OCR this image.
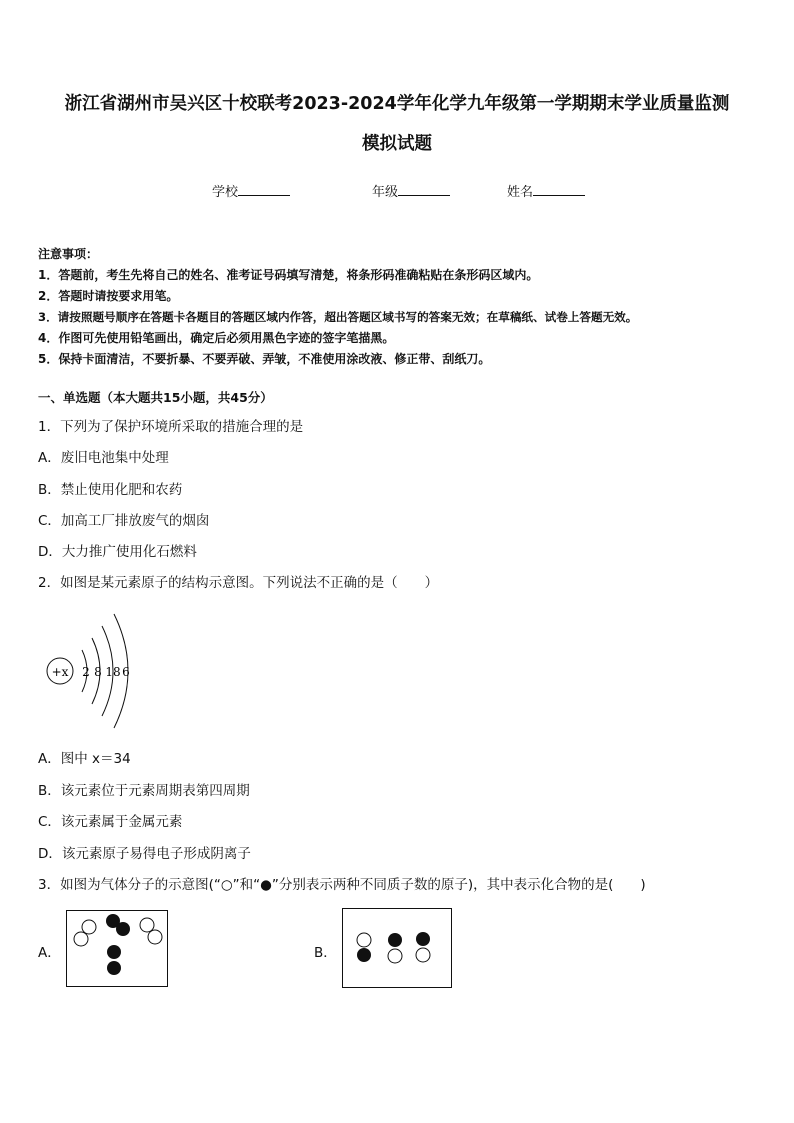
浙江省湖州市吴兴区十校联考2023-2024学年化学九年级第一学期期末学业质量监测
模拟试题
学校	年级	姓名
注意事项：
1．答题前，考生先将自己的姓名、准考证号码填写清楚，将条形码准确粘贴在条形码区域内。
2．答题时请按要求用笔。
3．请按照题号顺序在答题卡各题目的答题区域内作答，超出答题区域书写的答案无效；在草稿纸、试卷上答题无效。
4．作图可先使用铅笔画出，确定后必须用黑色字迹的签字笔描黑。
5．保持卡面清洁，不要折暴、不要弄破、弄皱，不准使用涂改液、修正带、刮纸刀。
一、单选题（本大题共15小题，共45分）
1．下列为了保护环境所采取的措施合理的是
A．废旧电池集中处理
B．禁止使用化肥和农药
C．加高工厂排放废气的烟囱
D．大力推广使用化石燃料
2．如图是某元素原子的结构示意图。下列说法不正确的是（　　）
+x 2 8 18 6
A．图中 x＝34
B．该元素位于元素周期表第四周期
C．该元素属于金属元素
D．该元素原子易得电子形成阴离子
3．如图为气体分子的示意图(“○”和“●”分别表示两种不同质子数的原子)，其中表示化合物的是(　　)
A．	B．
